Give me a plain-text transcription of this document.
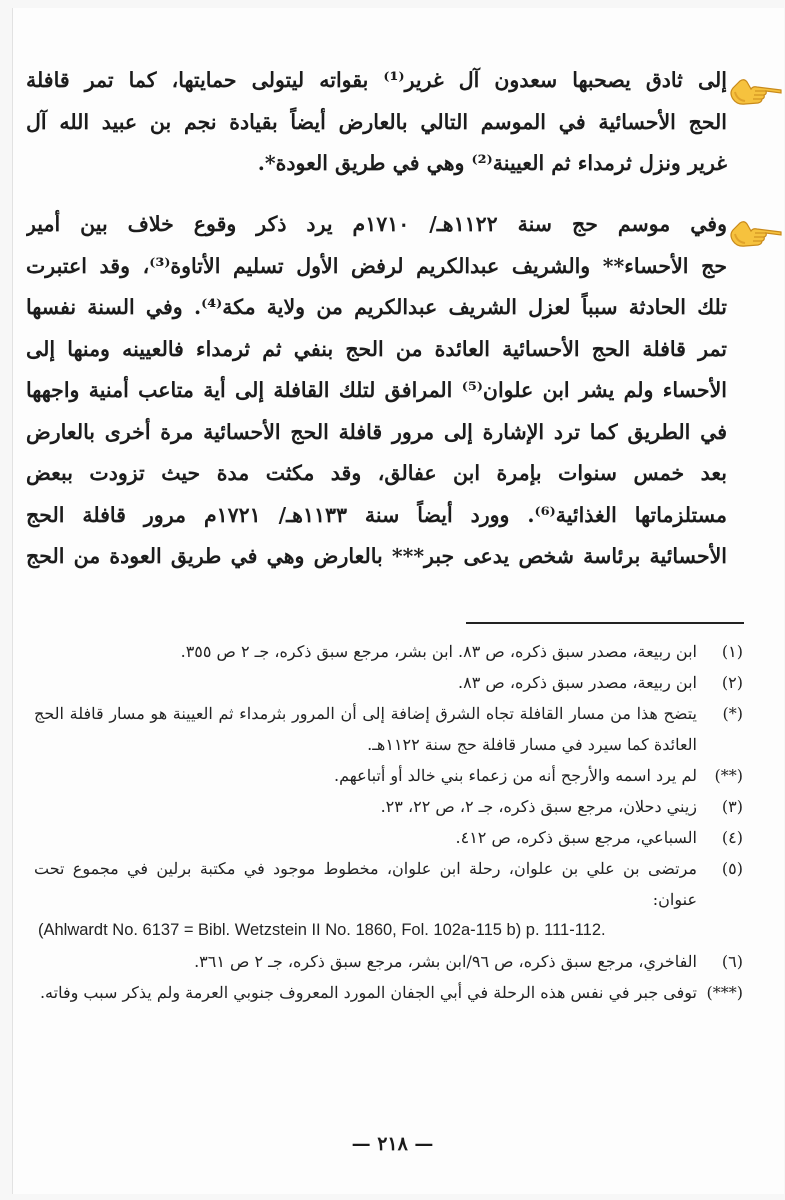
إلى ثادق يصحبها سعدون آل غرير⁽¹⁾ بقواته ليتولى حمايتها، كما تمر قافلة
الحج الأحسائية في الموسم التالي بالعارض أيضاً بقيادة نجم بن عبيد الله آل
غرير ونزل ثرمداء ثم العيينة⁽²⁾ وهي في طريق العودة*.
وفي موسم حج سنة ١١٢٢هـ/ ١٧١٠م يرد ذكر وقوع خلاف بين أمير
حج الأحساء** والشريف عبدالكريم لرفض الأول تسليم الأتاوة⁽³⁾، وقد اعتبرت
تلك الحادثة سبباً لعزل الشريف عبدالكريم من ولاية مكة⁽⁴⁾. وفي السنة نفسها
تمر قافلة الحج الأحسائية العائدة من الحج بنفي ثم ثرمداء فالعيينه ومنها إلى
الأحساء ولم يشر ابن علوان⁽⁵⁾ المرافق لتلك القافلة إلى أية متاعب أمنية واجهها
في الطريق كما ترد الإشارة إلى مرور قافلة الحج الأحسائية مرة أخرى بالعارض
بعد خمس سنوات بإمرة ابن عفالق، وقد مكثت مدة حيث تزودت ببعض
مستلزماتها الغذائية⁽⁶⁾. وورد أيضاً سنة ١١٣٣هـ/ ١٧٢١م مرور قافلة الحج
الأحسائية برئاسة شخص يدعى جبر*** بالعارض وهي في طريق العودة من الحج
(١)
ابن ربيعة، مصدر سبق ذكره، ص ٨٣. ابن بشر، مرجع سبق ذكره، جـ ٢ ص ٣٥٥.
(٢)
ابن ربيعة، مصدر سبق ذكره، ص ٨٣.
(*)
يتضح هذا من مسار القافلة تجاه الشرق إضافة إلى أن المرور بثرمداء ثم العيينة هو مسار قافلة الحج العائدة كما سيرد في مسار قافلة حج سنة ١١٢٢هـ.
(**)
لم يرد اسمه والأرجح أنه من زعماء بني خالد أو أتباعهم.
(٣)
زيني دحلان، مرجع سبق ذكره، جـ ٢، ص ٢٢، ٢٣.
(٤)
السباعي، مرجع سبق ذكره، ص ٤١٢.
(٥)
مرتضى بن علي بن علوان، رحلة ابن علوان، مخطوط موجود في مكتبة برلين في مجموع تحت عنوان:
(Ahlwardt No. 6137 = Bibl. Wetzstein II No. 1860, Fol. 102a-115 b) p. 111-112.
(٦)
الفاخري، مرجع سبق ذكره، ص ٩٦/ابن بشر، مرجع سبق ذكره، جـ ٢ ص ٣٦١.
(***)
توفى جبر في نفس هذه الرحلة في أبي الجفان المورد المعروف جنوبي العرمة ولم يذكر سبب وفاته.
— ٢١٨ —
